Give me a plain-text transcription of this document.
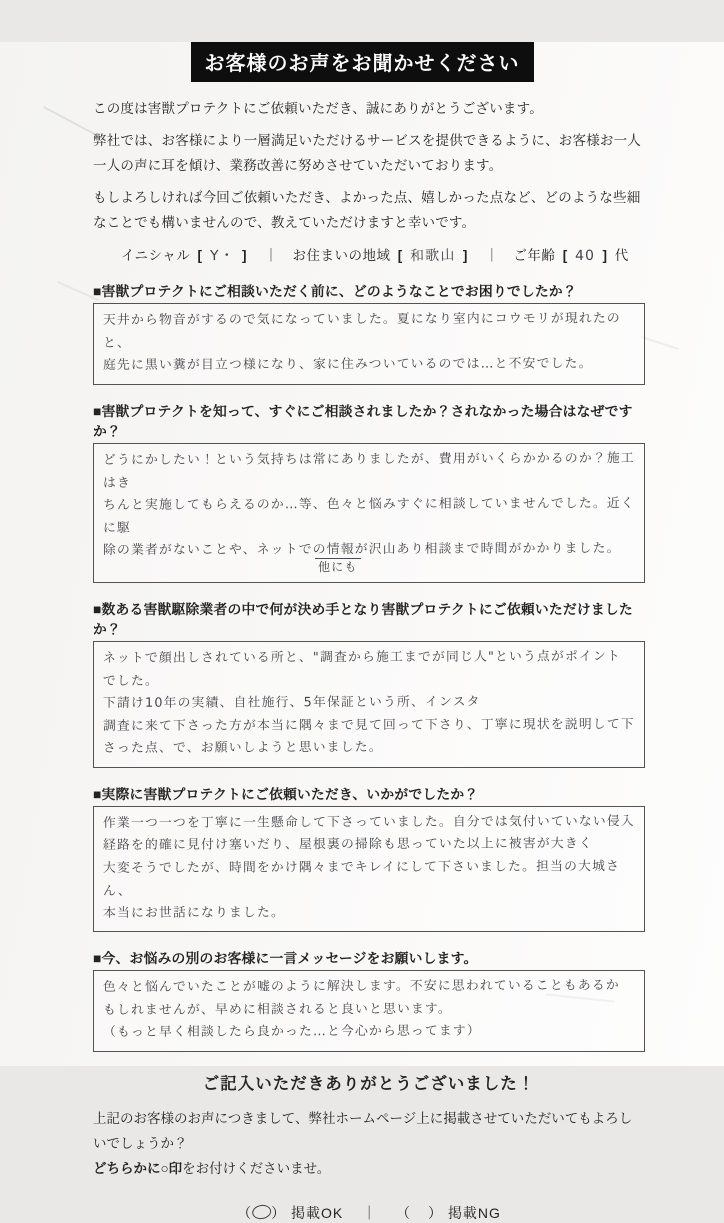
お客様のお声をお聞かせください

この度は害獣プロテクトにご依頼いただき、誠にありがとうございます。

弊社では、お客様により一層満足いただけるサービスを提供できるように、お客様お一人一人の声に耳を傾け、業務改善に努めさせていただいております。

もしよろしければ今回ご依頼いただき、よかった点、嬉しかった点など、どのような些細なことでも構いませんので、教えていただけますと幸いです。

イニシャル [ Y・ ] ｜ お住まいの地域 [ 和歌山 ] ｜ ご年齢 [ 40 ] 代

■害獣プロテクトにご相談いただく前に、どのようなことでお困りでしたか？

天井から物音がするので気になっていました。夏になり室内にコウモリが現れたのと、
庭先に黒い糞が目立つ様になり、家に住みついているのでは…と不安でした。

■害獣プロテクトを知って、すぐにご相談されましたか？されなかった場合はなぜですか？

どうにかしたい！という気持ちは常にありましたが、費用がいくらかかるのか？施工はき
ちんと実施してもらえるのか…等、色々と悩みすぐに相談していませんでした。近くに駆
除の業者がないことや、ネットでの情報が沢山あり相談まで時間がかかりました。
他にも

■数ある害獣駆除業者の中で何が決め手となり害獣プロテクトにご依頼いただけましたか？

ネットで顔出しされている所と、"調査から施工までが同じ人"という点がポイントでした。
下請け10年の実績、自社施行、5年保証という所、インスタ
調査に来て下さった方が本当に隅々まで見て回って下さり、丁寧に現状を説明して下
さった点、で、お願いしようと思いました。

■実際に害獣プロテクトにご依頼いただき、いかがでしたか？

作業一つ一つを丁寧に一生懸命して下さっていました。自分では気付いていない侵入
経路を的確に見付け塞いだり、屋根裏の掃除も思っていた以上に被害が大きく
大変そうでしたが、時間をかけ隅々までキレイにして下さいました。担当の大城さん、
本当にお世話になりました。

■今、お悩みの別のお客様に一言メッセージをお願いします。

色々と悩んでいたことが嘘のように解決します。不安に思われていることもあるか
もしれませんが、早めに相談されると良いと思います。
（もっと早く相談したら良かった…と今心から思ってます）

ご記入いただきありがとうございました！

上記のお客様のお声につきまして、弊社ホームページ上に掲載させていただいてもよろしいでしょうか？

どちらかに○印をお付けくださいませ。

（ ） 掲載OK ｜ （ ） 掲載NG
